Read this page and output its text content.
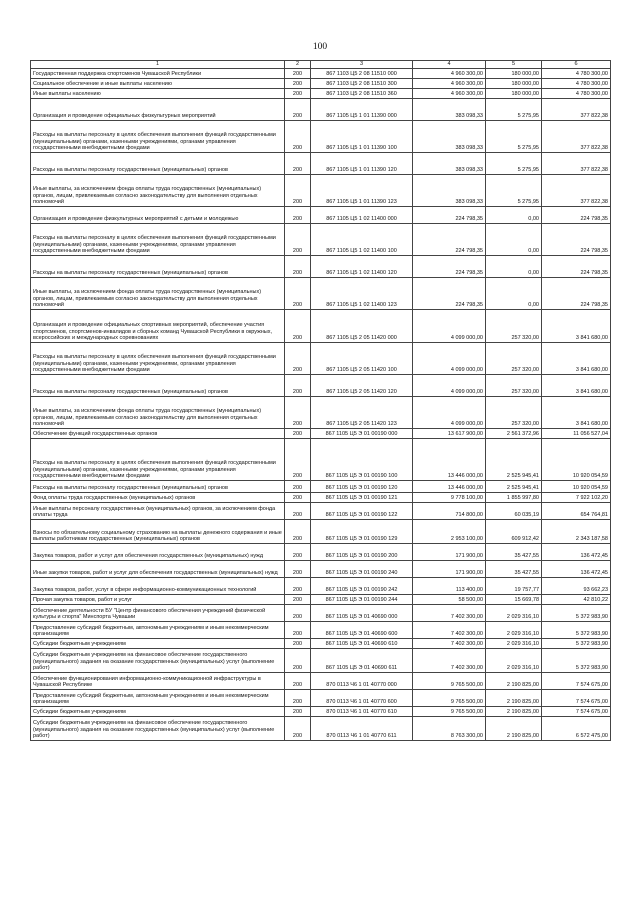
100
1	2	3	4	5	6
Государственная поддержка спортсменов Чувашской Республики	200	867 1103 Ц5 2 08 11510 000	4 960 300,00	180 000,00	4 780 300,00
Социальное обеспечение и иные выплаты населению	200	867 1103 Ц5 2 08 11510 300	4 960 300,00	180 000,00	4 780 300,00
Иные выплаты населению	200	867 1103 Ц5 2 08 11510 360	4 960 300,00	180 000,00	4 780 300,00
Организация и проведение официальных физкультурных мероприятий	200	867 1105 Ц5 1 01 11390 000	383 098,33	5 275,95	377 822,38
Расходы на выплаты персоналу в целях обеспечения выполнения функций государственными (муниципальными) органами, казенными учреждениями, органами управления государственными внебюджетными фондами	200	867 1105 Ц5 1 01 11390 100	383 098,33	5 275,95	377 822,38
Расходы на выплаты персоналу государственных (муниципальных) органов	200	867 1105 Ц5 1 01 11390 120	383 098,33	5 275,95	377 822,38
Иные выплаты, за исключением фонда оплаты труда государственных (муниципальных) органов, лицам, привлекаемым согласно законодательству для выполнения отдельных полномочий	200	867 1105 Ц5 1 01 11390 123	383 098,33	5 275,95	377 822,38
Организация и проведение физкультурных мероприятий с детьми и молодежью	200	867 1105 Ц5 1 02 11400 000	224 798,35	0,00	224 798,35
Расходы на выплаты персоналу в целях обеспечения выполнения функций государственными (муниципальными) органами, казенными учреждениями, органами управления государственными внебюджетными фондами	200	867 1105 Ц5 1 02 11400 100	224 798,35	0,00	224 798,35
Расходы на выплаты персоналу государственных (муниципальных) органов	200	867 1105 Ц5 1 02 11400 120	224 798,35	0,00	224 798,35
Иные выплаты, за исключением фонда оплаты труда государственных (муниципальных) органов, лицам, привлекаемым согласно законодательству для выполнения отдельных полномочий	200	867 1105 Ц5 1 02 11400 123	224 798,35	0,00	224 798,35
Организация и проведение официальных спортивных мероприятий, обеспечение участия спортсменов, спортсменов-инвалидов и сборных команд Чувашской Республики в окружных, всероссийских и международных соревнованиях	200	867 1105 Ц5 2 05 11420 000	4 099 000,00	257 320,00	3 841 680,00
Расходы на выплаты персоналу в целях обеспечения выполнения функций государственными (муниципальными) органами, казенными учреждениями, органами управления государственными внебюджетными фондами	200	867 1105 Ц5 2 05 11420 100	4 099 000,00	257 320,00	3 841 680,00
Расходы на выплаты персоналу государственных (муниципальных) органов	200	867 1105 Ц5 2 05 11420 120	4 099 000,00	257 320,00	3 841 680,00
Иные выплаты, за исключением фонда оплаты труда государственных (муниципальных) органов, лицам, привлекаемым согласно законодательству для выполнения отдельных полномочий	200	867 1105 Ц5 2 05 11420 123	4 099 000,00	257 320,00	3 841 680,00
Обеспечение функций государственных органов	200	867 1105 Ц5 Э 01 00190 000	13 617 900,00	2 561 372,96	11 056 527,04
Расходы на выплаты персоналу в целях обеспечения выполнения функций государственными (муниципальными) органами, казенными учреждениями, органами управления государственными внебюджетными фондами	200	867 1105 Ц5 Э 01 00190 100	13 446 000,00	2 525 945,41	10 920 054,59
Расходы на выплаты персоналу государственных (муниципальных) органов	200	867 1105 Ц5 Э 01 00190 120	13 446 000,00	2 525 945,41	10 920 054,59
Фонд оплаты труда государственных (муниципальных) органов	200	867 1105 Ц5 Э 01 00190 121	9 778 100,00	1 855 997,80	7 922 102,20
Иные выплаты персоналу государственных (муниципальных) органов, за исключением фонда оплаты труда	200	867 1105 Ц5 Э 01 00190 122	714 800,00	60 035,19	654 764,81
Взносы по обязательному социальному страхованию на выплаты денежного содержания и иные выплаты работникам государственных (муниципальных) органов	200	867 1105 Ц5 Э 01 00190 129	2 953 100,00	609 912,42	2 343 187,58
Закупка товаров, работ и услуг для обеспечения государственных (муниципальных) нужд	200	867 1105 Ц5 Э 01 00190 200	171 900,00	35 427,55	136 472,45
Иные закупки товаров, работ и услуг для обеспечения государственных (муниципальных) нужд	200	867 1105 Ц5 Э 01 00190 240	171 900,00	35 427,55	136 472,45
Закупка товаров, работ, услуг в сфере информационно-коммуникационных технологий	200	867 1105 Ц5 Э 01 00190 242	113 400,00	19 757,77	93 662,23
Прочая закупка товаров, работ и услуг	200	867 1105 Ц5 Э 01 00190 244	58 500,00	15 669,78	42 810,22
Обеспечение деятельности БУ "Центр финансового обеспечения учреждений физической культуры и спорта" Минспорта Чувашии	200	867 1105 Ц5 Э 01 40690 000	7 402 300,00	2 029 316,10	5 372 983,90
Предоставление субсидий бюджетным, автономным учреждениям и иным некоммерческим организациям	200	867 1105 Ц5 Э 01 40690 600	7 402 300,00	2 029 316,10	5 372 983,90
Субсидии бюджетным учреждениям	200	867 1105 Ц5 Э 01 40690 610	7 402 300,00	2 029 316,10	5 372 983,90
Субсидии бюджетным учреждениям на финансовое обеспечение государственного (муниципального) задания на оказание государственных (муниципальных) услуг (выполнение работ)	200	867 1105 Ц5 Э 01 40690 611	7 402 300,00	2 029 316,10	5 372 983,90
Обеспечение функционирования информационно-коммуникационной инфраструктуры в Чувашской Республике	200	870 0113 Ч6 1 01 40770 000	9 765 500,00	2 190 825,00	7 574 675,00
Предоставление субсидий бюджетным, автономным учреждениям и иным некоммерческим организациям	200	870 0113 Ч6 1 01 40770 600	9 765 500,00	2 190 825,00	7 574 675,00
Субсидии бюджетным учреждениям	200	870 0113 Ч6 1 01 40770 610	9 765 500,00	2 190 825,00	7 574 675,00
Субсидии бюджетным учреждениям на финансовое обеспечение государственного (муниципального) задания на оказание государственных (муниципальных) услуг (выполнение работ)	200	870 0113 Ч6 1 01 40770 611	8 763 300,00	2 190 825,00	6 572 475,00
